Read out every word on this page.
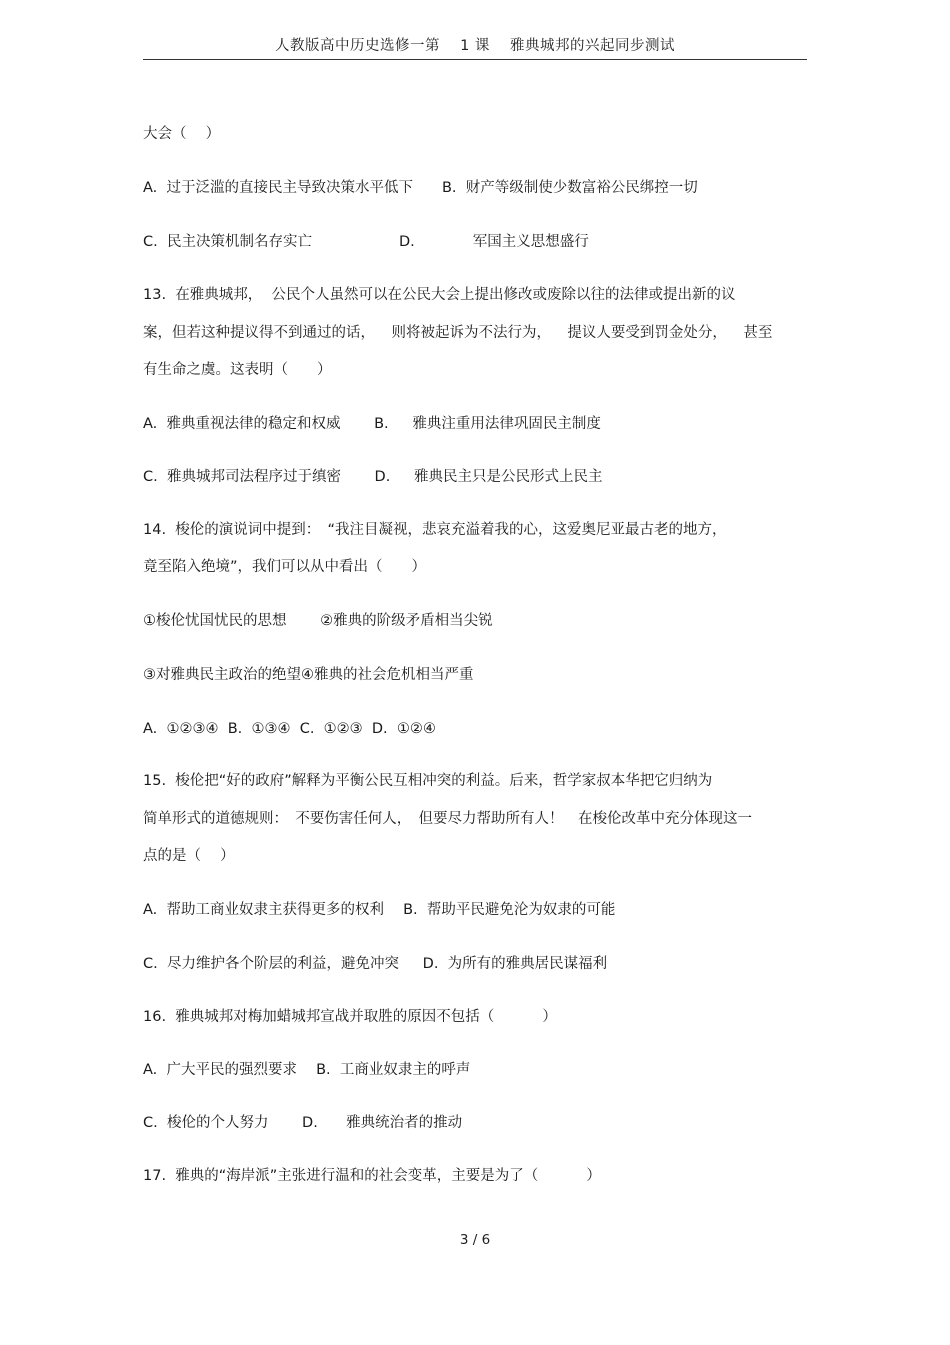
人教版高中历史选修一第　 1 课　 雅典城邦的兴起同步测试
大会（　 ）
A.  过于泛滥的直接民主导致决策水平低下　　B.  财产等级制使少数富裕公民绑控一切
C.  民主决策机制名存实亡　　　　　　D.　　　　军国主义思想盛行
13.  在雅典城邦，  公民个人虽然可以在公民大会上提出修改或废除以往的法律或提出新的议
案，但若这种提议得不到通过的话，　  则将被起诉为不法行为，　  提议人要受到罚金处分，　  甚至
有生命之虞。这表明（　　）
A.  雅典重视法律的稳定和权威　　 B.　  雅典注重用法律巩固民主制度
C.  雅典城邦司法程序过于缜密　　 D.　  雅典民主只是公民形式上民主
14.  梭伦的演说词中提到：　“我注目凝视，悲哀充溢着我的心，这爱奥尼亚最古老的地方，
竟至陷入绝境”，我们可以从中看出（　　）
①梭伦忧国忧民的思想　　 ②雅典的阶级矛盾相当尖锐
③对雅典民主政治的绝望④雅典的社会危机相当严重
A.  ①②③④  B.  ①③④  C.  ①②③  D.  ①②④
15.  梭伦把“好的政府”解释为平衡公民互相冲突的利益。后来，哲学家叔本华把它归纳为
简单形式的道德规则：　不要伤害任何人，　但要尽力帮助所有人！　在梭伦改革中充分体现这一
点的是（　 ）
A.  帮助工商业奴隶主获得更多的权利　 B.  帮助平民避免沦为奴隶的可能
C.  尽力维护各个阶层的利益，避免冲突　  D.  为所有的雅典居民谋福利
16.  雅典城邦对梅加蜡城邦宣战并取胜的原因不包括（　　　 ）
A.  广大平民的强烈要求　 B.  工商业奴隶主的呼声
C.  梭伦的个人努力　　 D.　   雅典统治者的推动
17.  雅典的“海岸派”主张进行温和的社会变革，主要是为了（　　　 ）
3 / 6
